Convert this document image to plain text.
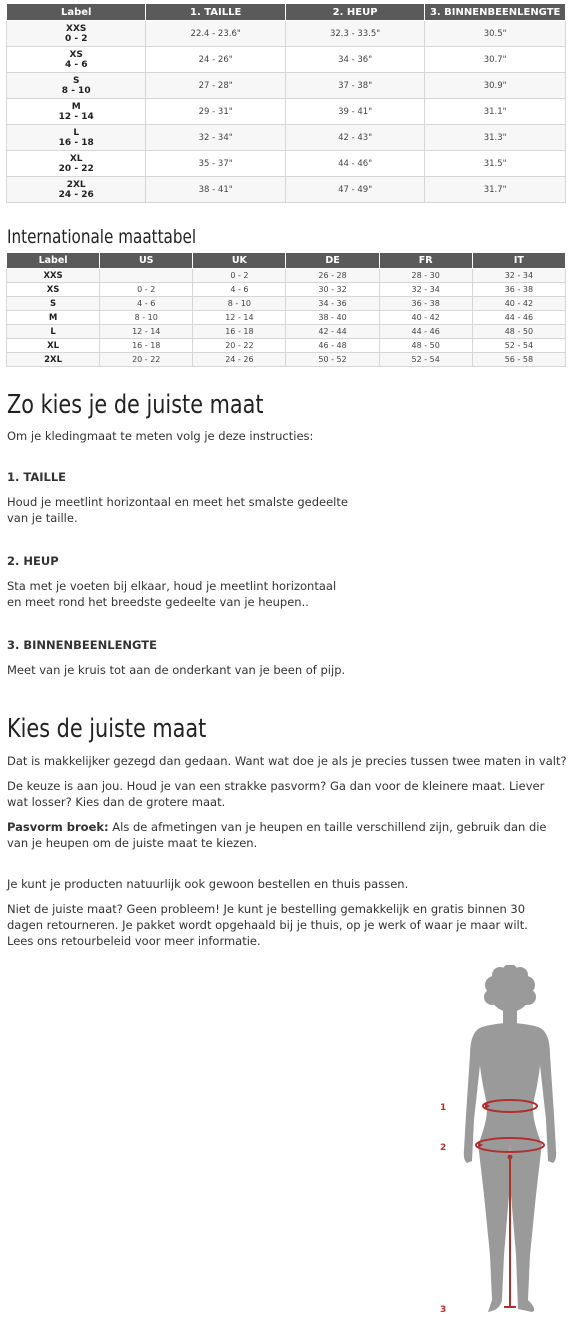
Label	1. TAILLE	2. HEUP	3. BINNENBEENLENGTE

XXS
0 - 2	22.4 - 23.6"	32.3 - 33.5"	30.5"

XS
4 - 6	24 - 26"	34 - 36"	30.7"

S
8 - 10	27 - 28"	37 - 38"	30.9"

M
12 - 14	29 - 31"	39 - 41"	31.1"

L
16 - 18	32 - 34"	42 - 43"	31.3"

XL
20 - 22	35 - 37"	44 - 46"	31.5"

2XL
24 - 26	38 - 41"	47 - 49"	31.7"
Internationale maattabel
Label	US	UK	DE	FR	IT
XXS		0 - 2	26 - 28	28 - 30	32 - 34
XS	0 - 2	4 - 6	30 - 32	32 - 34	36 - 38
S	4 - 6	8 - 10	34 - 36	36 - 38	40 - 42
M	8 - 10	12 - 14	38 - 40	40 - 42	44 - 46
L	12 - 14	16 - 18	42 - 44	44 - 46	48 - 50
XL	16 - 18	20 - 22	46 - 48	48 - 50	52 - 54
2XL	20 - 22	24 - 26	50 - 52	52 - 54	56 - 58
Zo kies je de juiste maat

Om je kledingmaat te meten volg je deze instructies:

1. TAILLE

Houd je meetlint horizontaal en meet het smalste gedeelte van je taille.

2. HEUP

Sta met je voeten bij elkaar, houd je meetlint horizontaal en meet rond het breedste gedeelte van je heupen..

3. BINNENBEENLENGTE

Meet van je kruis tot aan de onderkant van je been of pijp.

Kies de juiste maat

Dat is makkelijker gezegd dan gedaan. Want wat doe je als je precies tussen twee maten in valt?

De keuze is aan jou. Houd je van een strakke pasvorm? Ga dan voor de kleinere maat. Liever wat losser? Kies dan de grotere maat.

Pasvorm broek: Als de afmetingen van je heupen en taille verschillend zijn, gebruik dan die van je heupen om de juiste maat te kiezen.

Je kunt je producten natuurlijk ook gewoon bestellen en thuis passen.

Niet de juiste maat? Geen probleem! Je kunt je bestelling gemakkelijk en gratis binnen 30 dagen retourneren. Je pakket wordt opgehaald bij je thuis, op je werk of waar je maar wilt. Lees ons retourbeleid voor meer informatie.

1
2
3
